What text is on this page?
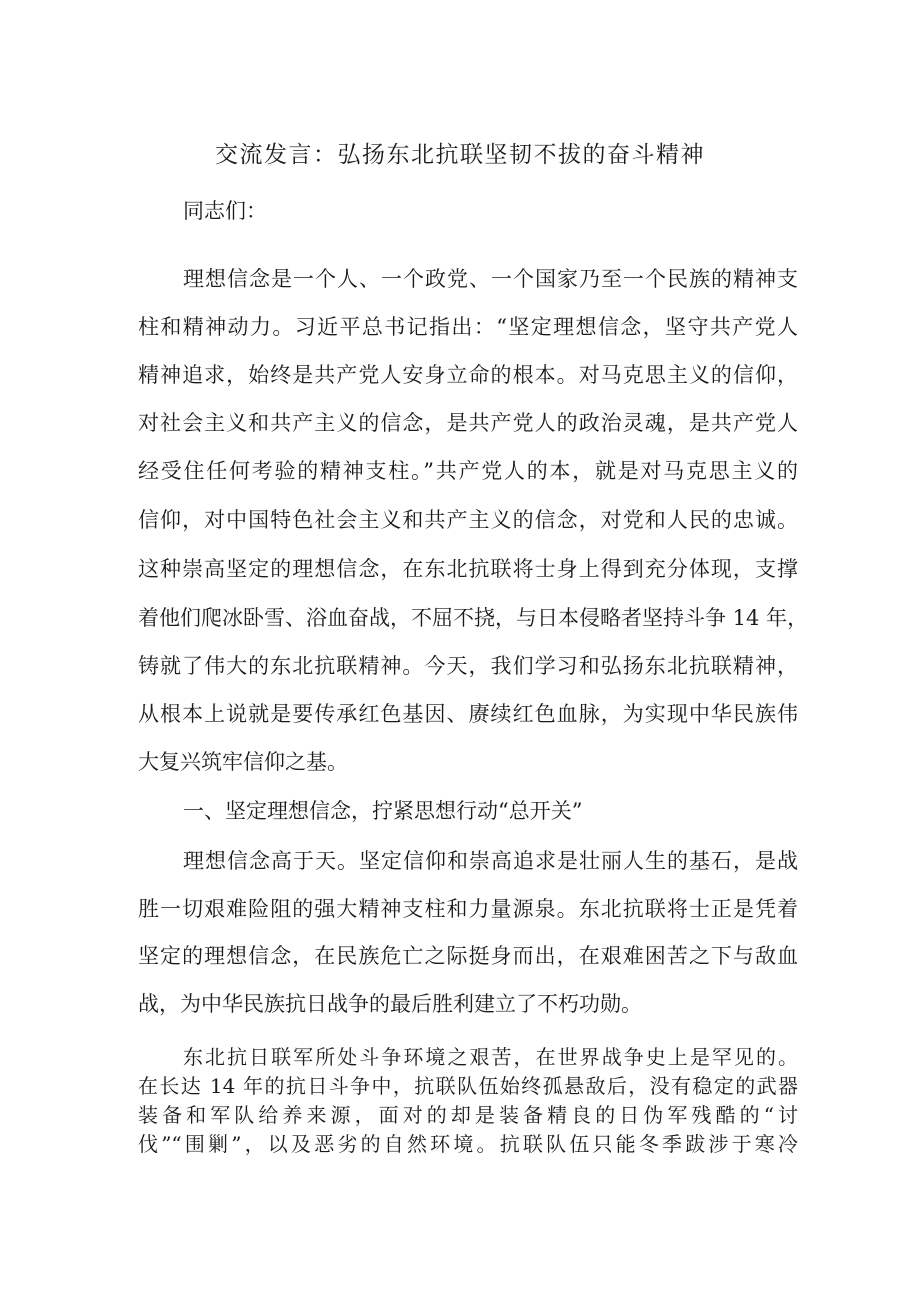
交流发言：弘扬东北抗联坚韧不拔的奋斗精神

同志们：

理想信念是一个人、一个政党、一个国家乃至一个民族的精神支

柱和精神动力。习近平总书记指出：“坚定理想信念，坚守共产党人

精神追求，始终是共产党人安身立命的根本。对马克思主义的信仰，

对社会主义和共产主义的信念，是共产党人的政治灵魂，是共产党人

经受住任何考验的精神支柱。”共产党人的本，就是对马克思主义的

信仰，对中国特色社会主义和共产主义的信念，对党和人民的忠诚。

这种崇高坚定的理想信念，在东北抗联将士身上得到充分体现，支撑

着他们爬冰卧雪、浴血奋战，不屈不挠，与日本侵略者坚持斗争 14 年，

铸就了伟大的东北抗联精神。今天，我们学习和弘扬东北抗联精神，

从根本上说就是要传承红色基因、赓续红色血脉，为实现中华民族伟

大复兴筑牢信仰之基。

一、坚定理想信念，拧紧思想行动“总开关”

理想信念高于天。坚定信仰和崇高追求是壮丽人生的基石，是战

胜一切艰难险阻的强大精神支柱和力量源泉。东北抗联将士正是凭着

坚定的理想信念，在民族危亡之际挺身而出，在艰难困苦之下与敌血

战，为中华民族抗日战争的最后胜利建立了不朽功勋。

东北抗日联军所处斗争环境之艰苦，在世界战争史上是罕见的。

在长达 14 年的抗日斗争中，抗联队伍始终孤悬敌后，没有稳定的武器

装备和军队给养来源，面对的却是装备精良的日伪军残酷的“讨

伐”“围剿”，以及恶劣的自然环境。抗联队伍只能冬季跋涉于寒冷
